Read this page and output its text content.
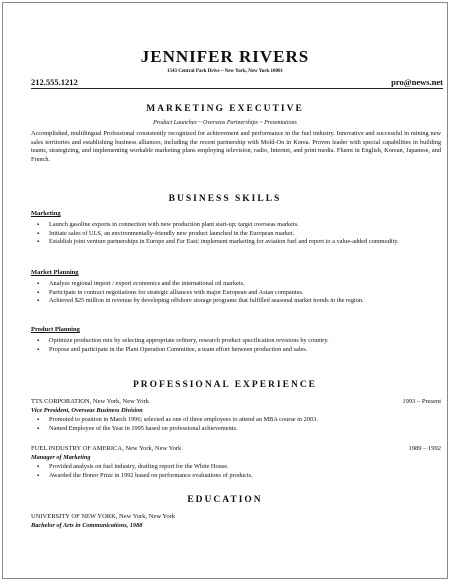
JENNIFER RIVERS
1543 Central Park Drive ~ New York, New York 10001
212.555.1212	pro@news.net
MARKETING EXECUTIVE
Product Launches ~ Overseas Partnerships ~ Presentations
Accomplished, multilingual Professional consistently recognized for achievement and performance in the fuel industry. Innovative and successful in mining new sales territories and establishing business alliances, including the recent partnership with Mold-On in Korea. Proven leader with special capabilities in building teams, strategizing, and implementing workable marketing plans employing television, radio, Internet, and print media. Fluent in English, Korean, Japanese, and French.
BUSINESS SKILLS
Marketing
▪ Launch gasoline exports in connection with new production plant start-up; target overseas markets.
▪ Initiate sales of ULS, an environmentally-friendly new product launched in the European market.
▪ Establish joint venture partnerships in Europe and Far East; implement marketing for aviation fuel and report to a value-added commodity.
Market Planning
▪ Analyze regional import / export economics and the international oil markets.
▪ Participate in contract negotiations for strategic alliances with major European and Asian companies.
▪ Achieved $25 million in revenue by developing offshore storage programs that fulfilled seasonal market trends in the region.
Product Planning
▪ Optimize production mix by selecting appropriate refinery, research product specification revisions by country.
▪ Propose and participate in the Plant Operation Committee, a team effort between production and sales.
PROFESSIONAL EXPERIENCE
TTS CORPORATION, New York, New York	1993 – Present
Vice President, Overseas Business Division
▪ Promoted to position in March 1996; selected as one of three employees to attend an MBA course in 2003.
▪ Named Employee of the Year in 1995 based on professional achievements.
FUEL INDUSTRY OF AMERICA, New York, New York	1989 – 1992
Manager of Marketing
▪ Provided analysis on fuel industry, drafting report for the White House.
▪ Awarded the Honor Prize in 1992 based on performance evaluations of products.
EDUCATION
UNIVERSITY OF NEW YORK, New York, New York
Bachelor of Arts in Communications, 1988
